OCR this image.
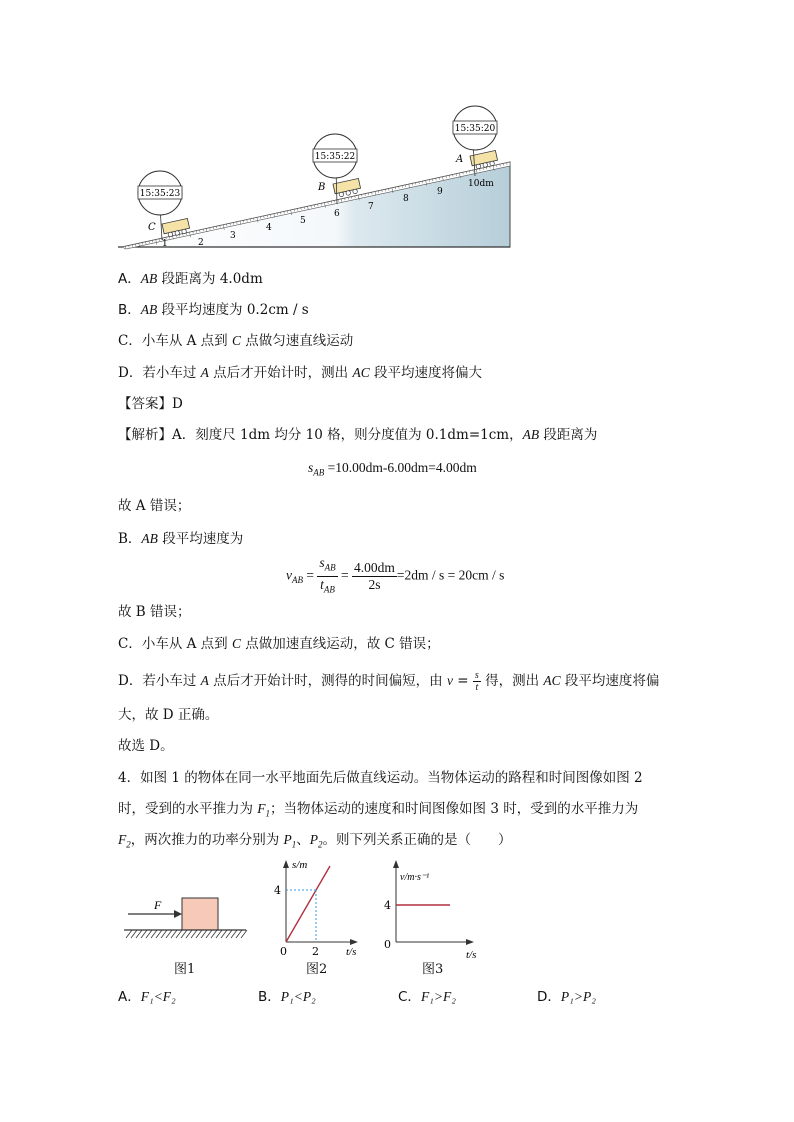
1	2
3
4
5
6
7
8
9
10dm
C
15:35:23
B
15:35:22	A
15:35:20
A．AB 段距离为 4.0dm
B．AB 段平均速度为 0.2cm / s
C．小车从 A 点到 C 点做匀速直线运动
D．若小车过 A 点后才开始计时，测出 AC 段平均速度将偏大
【答案】D
【解析】A．刻度尺 1dm 均分 10 格，则分度值为 0.1dm=1cm，AB 段距离为
$s_{AB} =10.00dm-6.00dm=4.00dm$
故 A 错误；
B．AB 段平均速度为
$v_{AB} = \frac{s_{AB}}{t_{AB}} = \frac{4.00dm}{2s} =2dm / s = 20cm / s$
故 B 错误；
C．小车从 A 点到 C 点做加速直线运动，故 C 错误；
D．若小车过 A 点后才开始计时，测得的时间偏短，由 $v = \frac{s}{t}$ 得，测出 AC 段平均速度将偏
大，故 D 正确。
故选 D。
4．如图 1 的物体在同一水平地面先后做直线运动。当物体运动的路程和时间图像如图 2
时，受到的水平推力为 $F_1$；当物体运动的速度和时间图像如图 3 时，受到的水平推力为
$F_2$，两次推力的功率分别为 $P_1$、$P_2$。则下列关系正确的是（　　）
F
图1
4
2
0
s/m
t/s
图2
4
0
v/m·s⁻¹
t/s
图3
A．F₁<F₂	B．P₁<P₂	C．F₁>F₂	D．P₁>P₂
